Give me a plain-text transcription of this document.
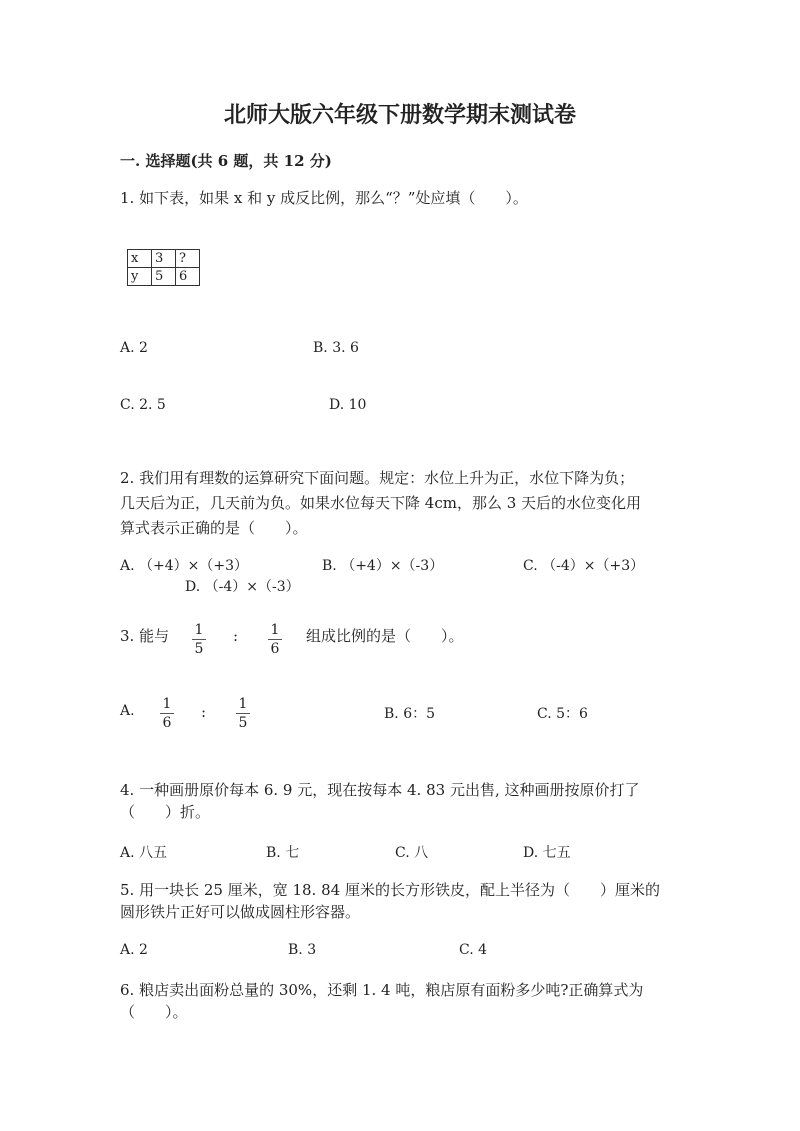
北师大版六年级下册数学期末测试卷
一. 选择题(共 6 题，共 12 分)
1. 如下表，如果 x 和 y 成反比例，那么“？”处应填（　　）。
x	3	?
y	5	6
A. 2	B. 3. 6
C. 2. 5	D. 10
2. 我们用有理数的运算研究下面问题。规定：水位上升为正，水位下降为负；
几天后为正，几天前为负。如果水位每天下降 4cm，那么 3 天后的水位变化用
算式表示正确的是（　　）。
A. （+4）×（+3）	B. （+4）×（-3）	C. （-4）×（+3）
D. （-4）×（-3）
3. 能与 1
5
: 1
6
组成比例的是（　　）。
A. 1
6
: 1
5
B. 6：5	C. 5：6
4. 一种画册原价每本 6. 9 元，现在按每本 4. 83 元出售, 这种画册按原价打了
（　　）折。
A. 八五	B. 七	C. 八	D. 七五
5. 用一块长 25 厘米，宽 18. 84 厘米的长方形铁皮，配上半径为（　　）厘米的
圆形铁片正好可以做成圆柱形容器。
A. 2	B. 3	C. 4
6. 粮店卖出面粉总量的 30%，还剩 1. 4 吨，粮店原有面粉多少吨?正确算式为
（　　）。
